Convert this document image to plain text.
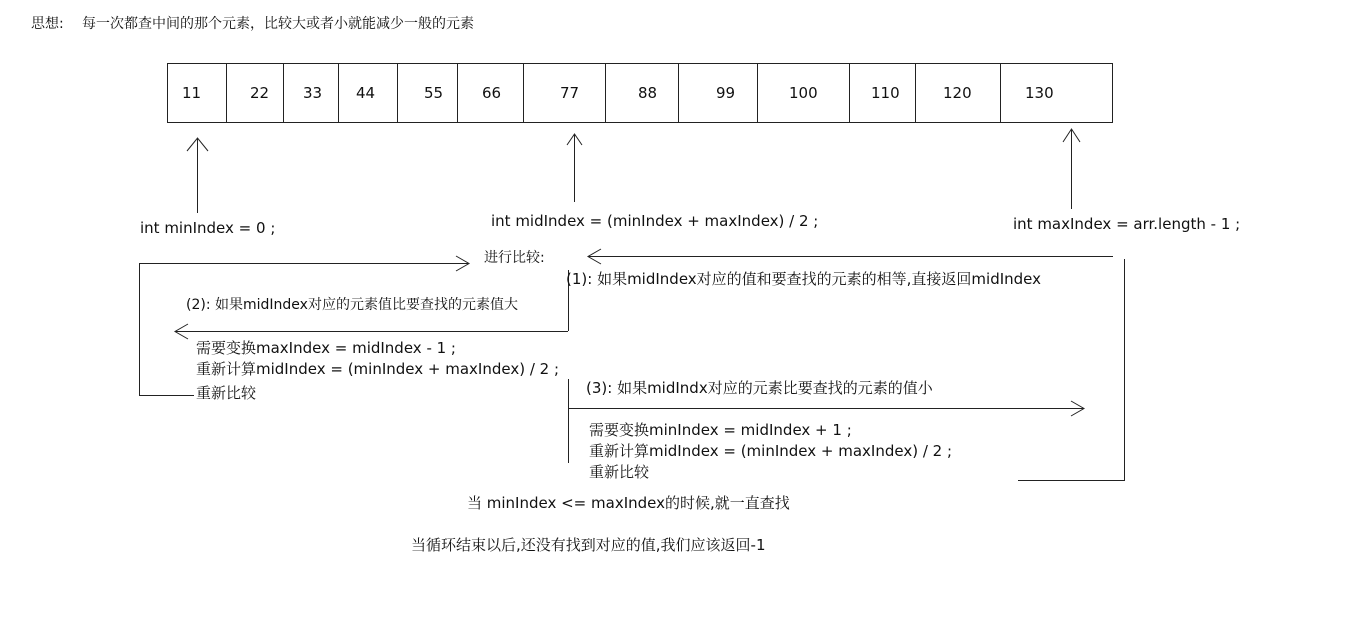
思想: 每一次都查中间的那个元素，比较大或者小就能减少一般的元素
11	22 33 44	55	66	77	88	99	100	110	120	130
int minIndex = 0 ;	int midIndex = (minIndex + maxIndex) / 2 ;	int maxIndex = arr.length - 1 ;
进行比较:
(1): 如果midIndex对应的值和要查找的元素的相等,直接返回midIndex
(2): 如果midIndex对应的元素值比要查找的元素值大
需要变换maxIndex = midIndex - 1 ;
重新计算midIndex = (minIndex + maxIndex) / 2 ;
重新比较	(3): 如果midIndx对应的元素比要查找的元素的值小
需要变换minIndex = midIndex + 1 ;
重新计算midIndex = (minIndex + maxIndex) / 2 ;
重新比较
当 minIndex <= maxIndex的时候,就一直查找
当循环结束以后,还没有找到对应的值,我们应该返回-1
